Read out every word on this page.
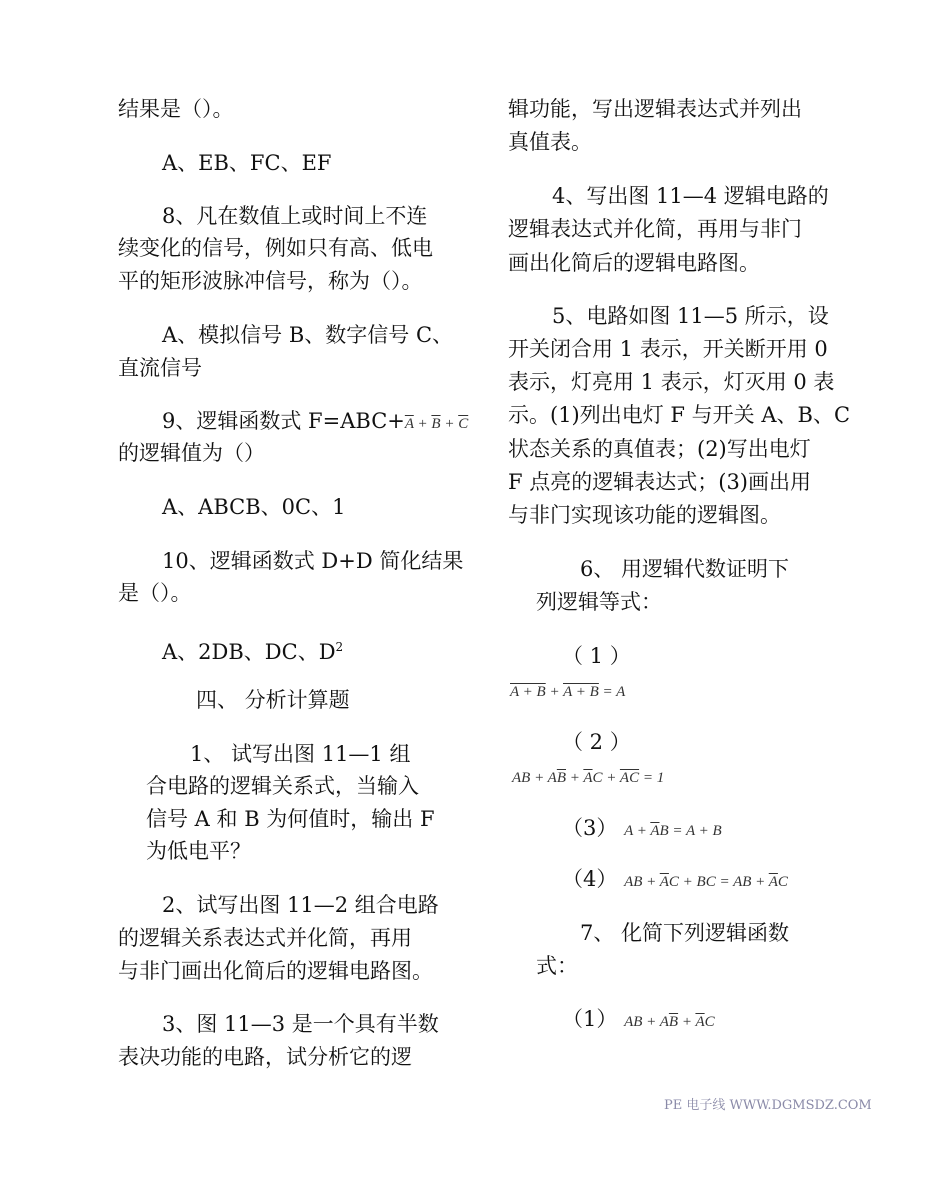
结果是（）。
A、EB、FC、EF
8、凡在数值上或时间上不连
续变化的信号，例如只有高、低电
平的矩形波脉冲信号，称为（）。
A、模拟信号 B、数字信号 C、
直流信号
9、逻辑函数式 $F=ABC+\overline{A} + \overline{B} + \overline{C}$
的逻辑值为（）
A、ABCB、0C、1
10、逻辑函数式 D+D 简化结果
是（）。
A、2DB、DC、$D^2$
四、 分析计算题
1、 试写出图 11—1 组
合电路的逻辑关系式，当输入
信号 A 和 B 为何值时，输出 F
为低电平？
2、试写出图 11—2 组合电路
的逻辑关系表达式并化简，再用
与非门画出化简后的逻辑电路图。
3、图 11—3 是一个具有半数
表决功能的电路，试分析它的逻
辑功能，写出逻辑表达式并列出
真值表。
4、写出图 11—4 逻辑电路的
逻辑表达式并化简，再用与非门
画出化简后的逻辑电路图。
5、电路如图 11—5 所示，设
开关闭合用 1 表示，开关断开用 0
表示，灯亮用 1 表示，灯灭用 0 表
示。(1)列出电灯 F 与开关 A、B、C
状态关系的真值表；(2)写出电灯
F 点亮的逻辑表达式；(3)画出用
与非门实现该功能的逻辑图。
6、 用逻辑代数证明下
列逻辑等式：
（ 1 ）
A + B + A + B = A
（ 2 ）
AB + $A\overline{B} + \overline{A}C + \overline{AC} = 1$
（3） $A + \overline{A}B = A + B$
（4） AB + $\overline{A}C$ + BC = AB + $\overline{A}C$
7、 化简下列逻辑函数
式：
（1） AB + $A\overline{B} + \overline{A}C$
PE 电子线 WWW.DGMSDZ.COM
